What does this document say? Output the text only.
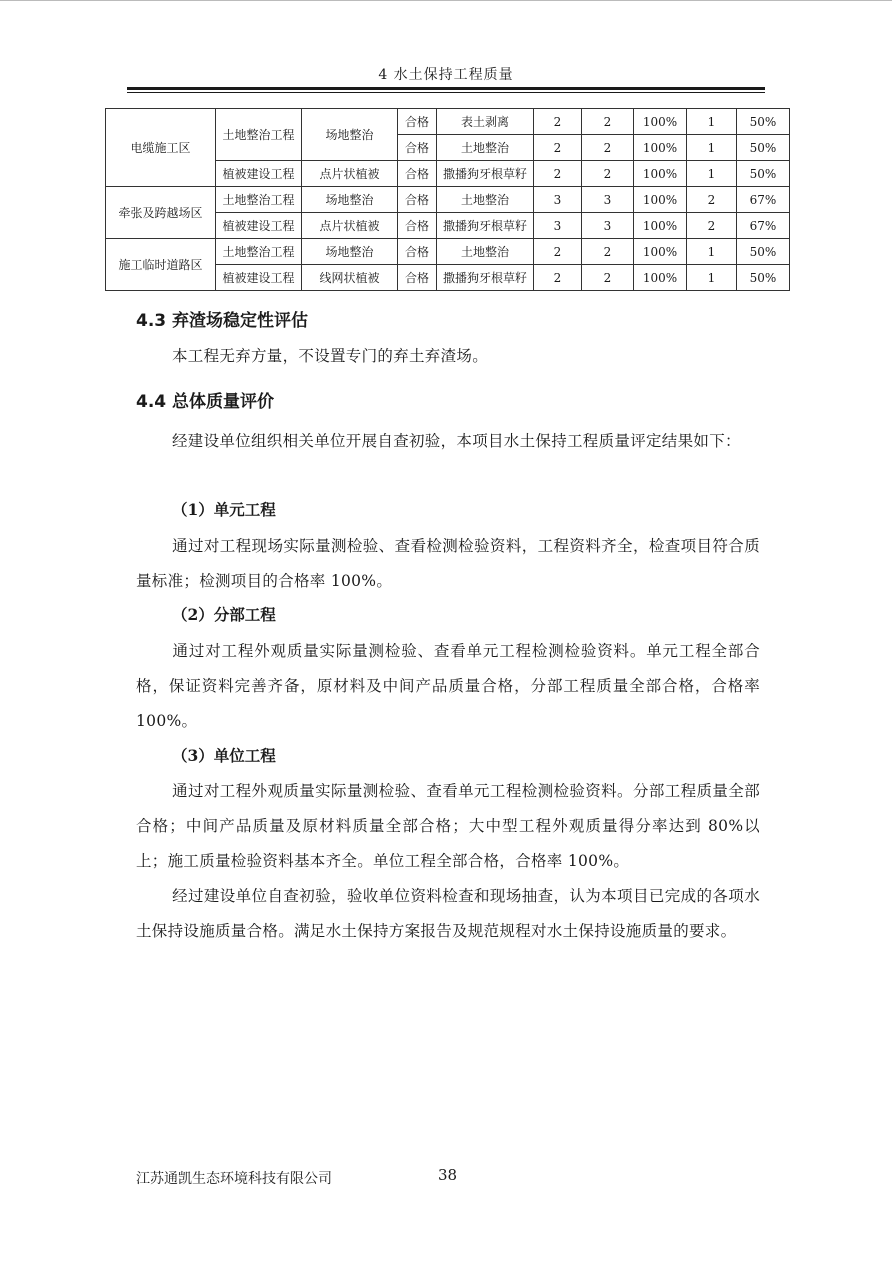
4 水土保持工程质量
电缆施工区	土地整治工程	场地整治	合格	表土剥离	2	2	100%	1	50%
			合格	土地整治	2	2	100%	1	50%
	植被建设工程	点片状植被	合格	撒播狗牙根草籽	2	2	100%	1	50%
牵张及跨越场区	土地整治工程	场地整治	合格	土地整治	3	3	100%	2	67%
	植被建设工程	点片状植被	合格	撒播狗牙根草籽	3	3	100%	2	67%
施工临时道路区	土地整治工程	场地整治	合格	土地整治	2	2	100%	1	50%
	植被建设工程	线网状植被	合格	撒播狗牙根草籽	2	2	100%	1	50%
4.3 弃渣场稳定性评估
本工程无弃方量，不设置专门的弃土弃渣场。
4.4 总体质量评价
经建设单位组织相关单位开展自查初验，本项目水土保持工程质量评定结果如下：
（1）单元工程
通过对工程现场实际量测检验、查看检测检验资料，工程资料齐全，检查项目符合质量标准；检测项目的合格率 100%。
（2）分部工程
通过对工程外观质量实际量测检验、查看单元工程检测检验资料。单元工程全部合格，保证资料完善齐备，原材料及中间产品质量合格，分部工程质量全部合格，合格率 100%。
（3）单位工程
通过对工程外观质量实际量测检验、查看单元工程检测检验资料。分部工程质量全部合格；中间产品质量及原材料质量全部合格；大中型工程外观质量得分率达到 80%以上；施工质量检验资料基本齐全。单位工程全部合格，合格率 100%。
经过建设单位自查初验，验收单位资料检查和现场抽查，认为本项目已完成的各项水土保持设施质量合格。满足水土保持方案报告及规范规程对水土保持设施质量的要求。
江苏通凯生态环境科技有限公司	38
